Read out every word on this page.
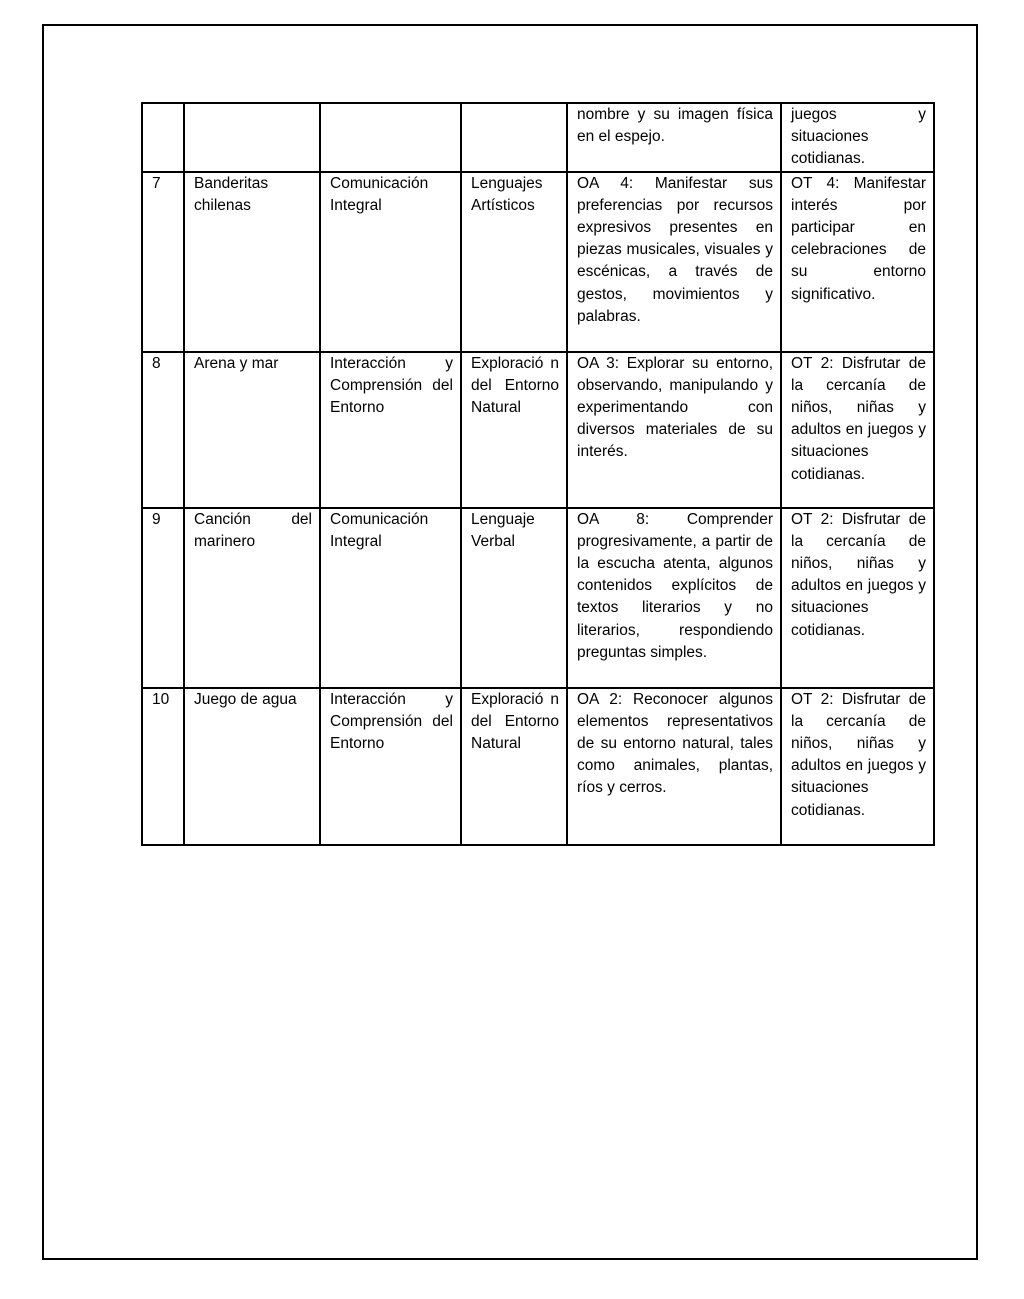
				nombre y su imagen física en el espejo.	juegos y situaciones cotidianas.

7	Banderitas chilenas	Comunicación Integral	Lenguajes Artísticos	OA 4: Manifestar sus preferencias por recursos expresivos presentes en piezas musicales, visuales y escénicas, a través de gestos, movimientos y palabras.	OT 4: Manifestar interés por participar en celebraciones de su entorno significativo.

8	Arena y mar	Interacción y Comprensión del Entorno	Exploració n del Entorno Natural	OA 3: Explorar su entorno, observando, manipulando y experimentando con diversos materiales de su interés.	OT 2: Disfrutar de la cercanía de niños, niñas y adultos en juegos y situaciones cotidianas.

9	Canción del marinero	Comunicación Integral	Lenguaje Verbal	OA 8: Comprender progresivamente, a partir de la escucha atenta, algunos contenidos explícitos de textos literarios y no literarios, respondiendo preguntas simples.	OT 2: Disfrutar de la cercanía de niños, niñas y adultos en juegos y situaciones cotidianas.

10	Juego de agua	Interacción y Comprensión del Entorno	Exploració n del Entorno Natural	OA 2: Reconocer algunos elementos representativos de su entorno natural, tales como animales, plantas, ríos y cerros.	OT 2: Disfrutar de la cercanía de niños, niñas y adultos en juegos y situaciones cotidianas.
